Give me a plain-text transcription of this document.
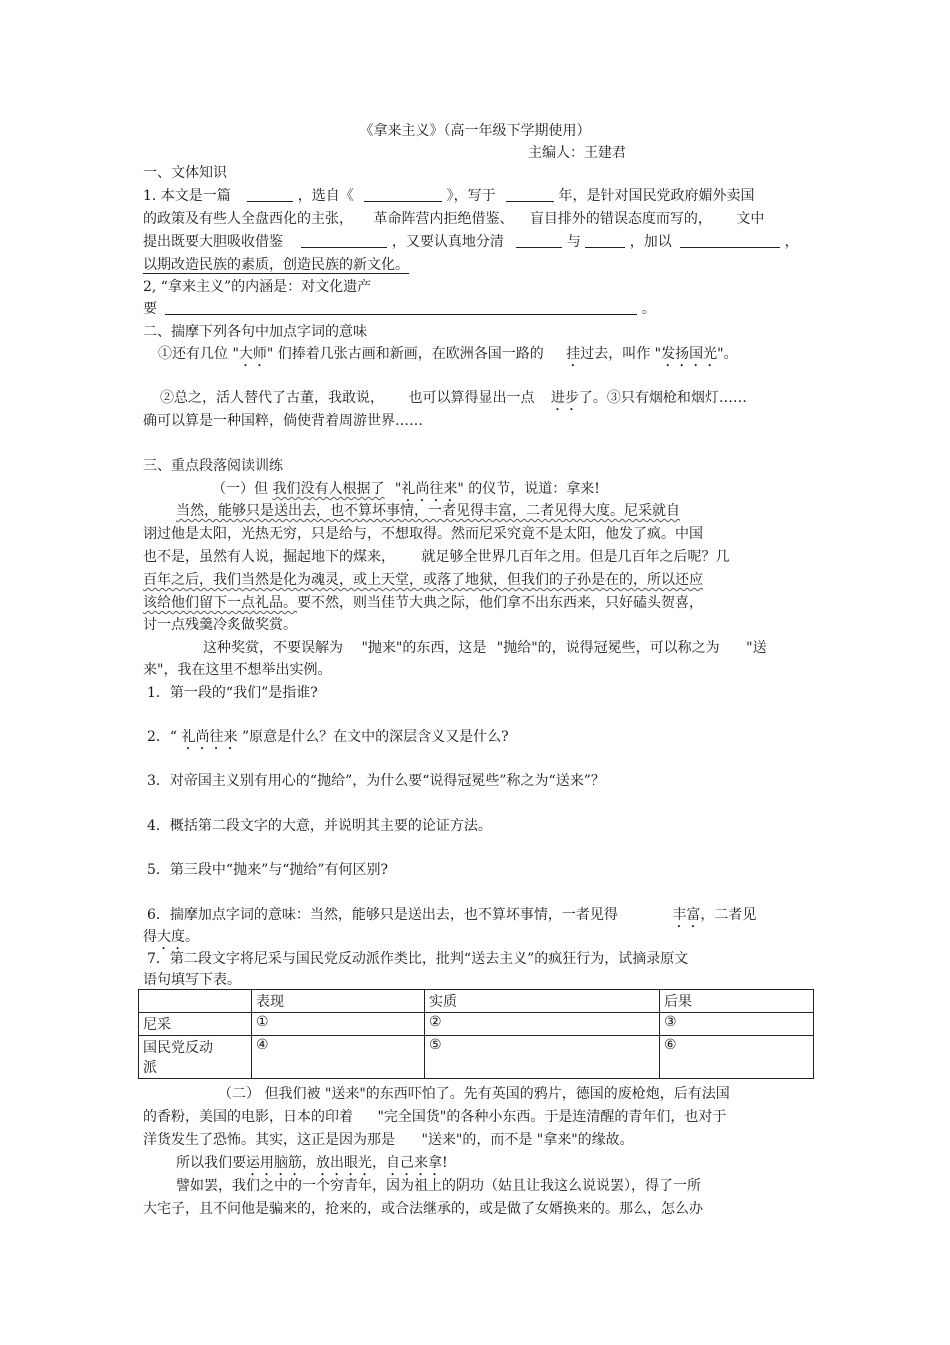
《拿来主义》（高一年级下学期使用）
主编人：王建君
一、文体知识
1. 本文是一篇	，选自《	》，写于	年，是针对国民党政府媚外卖国
的政策及有些人全盘西化的主张， 革命阵营内拒绝借鉴、 盲目排外的错误态度而写的， 文中
提出既要大胆吸收借鉴	，又要认真地分清	与	，加以	，
以期改造民族的素质，创造民族的新文化。
2, “拿来主义”的内涵是：对文化遗产
要	。
二、揣摩下列各句中加点字词的意味
①还有几位 "大师" 们捧着几张古画和新画，在欧洲各国一路的 挂过去，叫作 "发扬国光"。
②总之，活人替代了古董，我敢说， 也可以算得显出一点 进步了。③只有烟枪和烟灯……
确可以算是一种国粹，倘使背着周游世界……
三、重点段落阅读训练
（一）但 我们没有人根据了 "礼尚往来" 的仪节，说道：拿来!
当然，能够只是送出去，也不算坏事情，一者见得丰富，二者见得大度。尼采就自
诩过他是太阳，光热无穷，只是给与，不想取得。然而尼采究竟不是太阳，他发了疯。中国
也不是，虽然有人说，掘起地下的煤来， 就足够全世界几百年之用。但是几百年之后呢？几
百年之后，我们当然是化为魂灵，或上天堂，或落了地狱，但我们的子孙是在的，所以还应
该给他们留下一点礼品。要不然，则当佳节大典之际，他们拿不出东西来，只好磕头贺喜，
讨一点残羹冷炙做奖赏。
这种奖赏，不要误解为 "抛来"的东西，这是 "抛给"的，说得冠冕些，可以称之为 "送
来"，我在这里不想举出实例。
1．第一段的“我们”是指谁?
2．“ 礼尚往来 ”原意是什么？在文中的深层含义又是什么?
3．对帝国主义别有用心的“抛给”，为什么要“说得冠冕些”称之为“送来”？
4．概括第二段文字的大意，并说明其主要的论证方法。
5．第三段中“抛来”与“抛给”有何区别?
6．揣摩加点字词的意味：当然，能够只是送出去，也不算坏事情，一者见得	丰富，二者见
得大度。
7．第二段文字将尼采与国民党反动派作类比，批判“送去主义”的疯狂行为，试摘录原文
语句填写下表。
	表现	实质	后果
尼采	①	②	③

国民党反动
派	④	⑤	⑥
（二） 但我们被 "送来"的东西吓怕了。先有英国的鸦片，德国的废枪炮，后有法国
的香粉，美国的电影，日本的印着 "完全国货"的各种小东西。于是连清醒的青年们，也对于
洋货发生了恐怖。其实，这正是因为那是 "送来"的，而不是 "拿来"的缘故。
所以我们要运用脑筋，放出眼光，自己来拿!
譬如罢，我们之中的一个穷青年，因为祖上的阴功（姑且让我这么说说罢），得了一所
大宅子，且不问他是骗来的，抢来的，或合法继承的，或是做了女婿换来的。那么，怎么办
